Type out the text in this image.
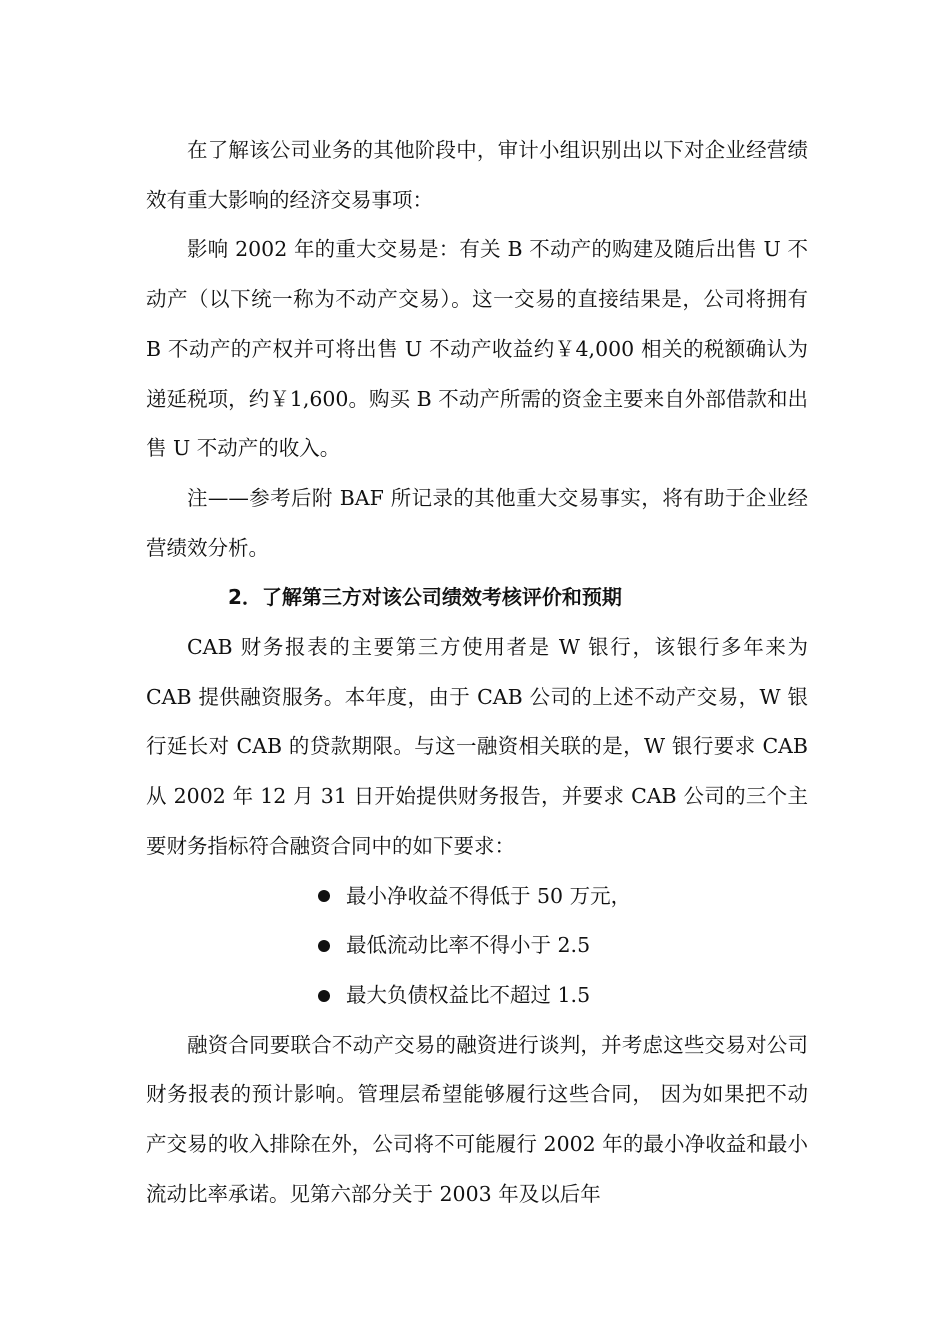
在了解该公司业务的其他阶段中，审计小组识别出以下对企业经营绩效有重大影响的经济交易事项：

影响 2002 年的重大交易是：有关 B 不动产的购建及随后出售 U 不动产（以下统一称为不动产交易）。这一交易的直接结果是，公司将拥有 B 不动产的产权并可将出售 U 不动产收益约￥4,000 相关的税额确认为递延税项，约￥1,600。购买 B 不动产所需的资金主要来自外部借款和出售 U 不动产的收入。

注——参考后附 BAF 所记录的其他重大交易事实，将有助于企业经营绩效分析。

2．了解第三方对该公司绩效考核评价和预期

CAB 财务报表的主要第三方使用者是 W 银行，该银行多年来为 CAB 提供融资服务。本年度，由于 CAB 公司的上述不动产交易，W 银行延长对 CAB 的贷款期限。与这一融资相关联的是，W 银行要求 CAB 从 2002 年 12 月 31 日开始提供财务报告，并要求 CAB 公司的三个主要财务指标符合融资合同中的如下要求：

最小净收益不得低于 50 万元，
最低流动比率不得小于 2.5
最大负债权益比不超过 1.5

融资合同要联合不动产交易的融资进行谈判，并考虑这些交易对公司财务报表的预计影响。管理层希望能够履行这些合同， 因为如果把不动产交易的收入排除在外，公司将不可能履行 2002 年的最小净收益和最小流动比率承诺。见第六部分关于 2003 年及以后年
